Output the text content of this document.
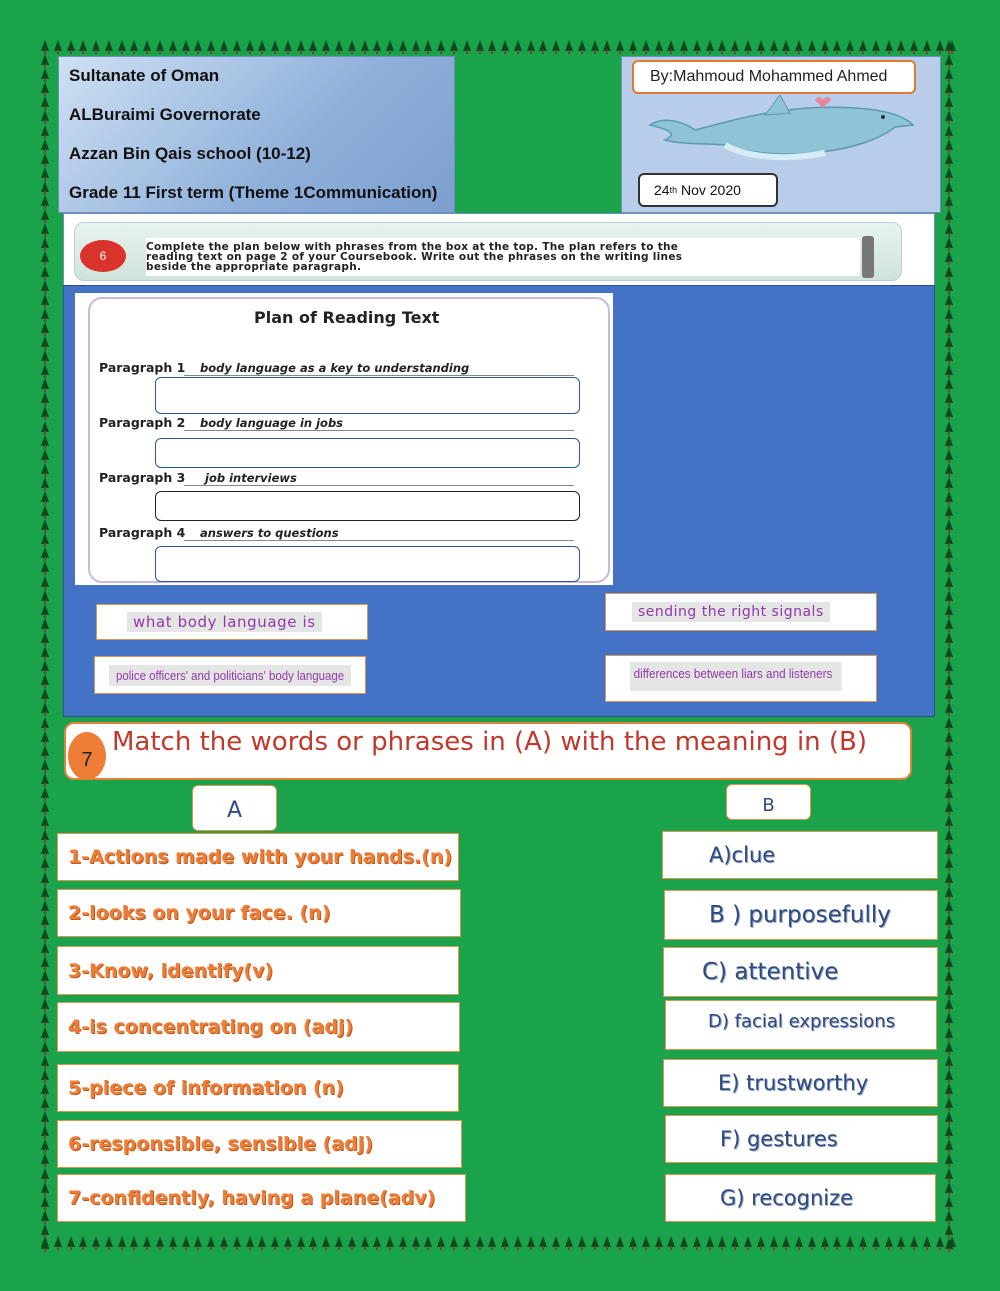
Sultanate of Oman

ALBuraimi Governorate

Azzan Bin Qais school (10-12)

Grade 11 First term (Theme 1Communication)

By:Mahmoud Mohammed Ahmed
24 th Nov 2020
6
Complete the plan below with phrases from the box at the top. The plan refers to the
reading text on page 2 of your Coursebook. Write out the phrases on the writing lines
beside the appropriate paragraph.
Plan of Reading Text
Paragraph 1 body language as a key to understanding
Paragraph 2 body language in jobs
Paragraph 3 job interviews
Paragraph 4 answers to questions
what body language is
sending the right signals
police officers' and politicians' body language	differences between liars and listeners
7
Match the words or phrases in (A) with the meaning in (B)
A	B
1-Actions made with your hands.(n)
2-looks on your face. (n)
3-Know, identify(v)
4-is concentrating on (adj)
5-piece of information (n)
6-responsible, sensible (adj)
7-confidently, having a plane(adv)
A)clue
B ) purposefully
C) attentive
D) facial expressions
E) trustworthy
F) gestures
G) recognize
